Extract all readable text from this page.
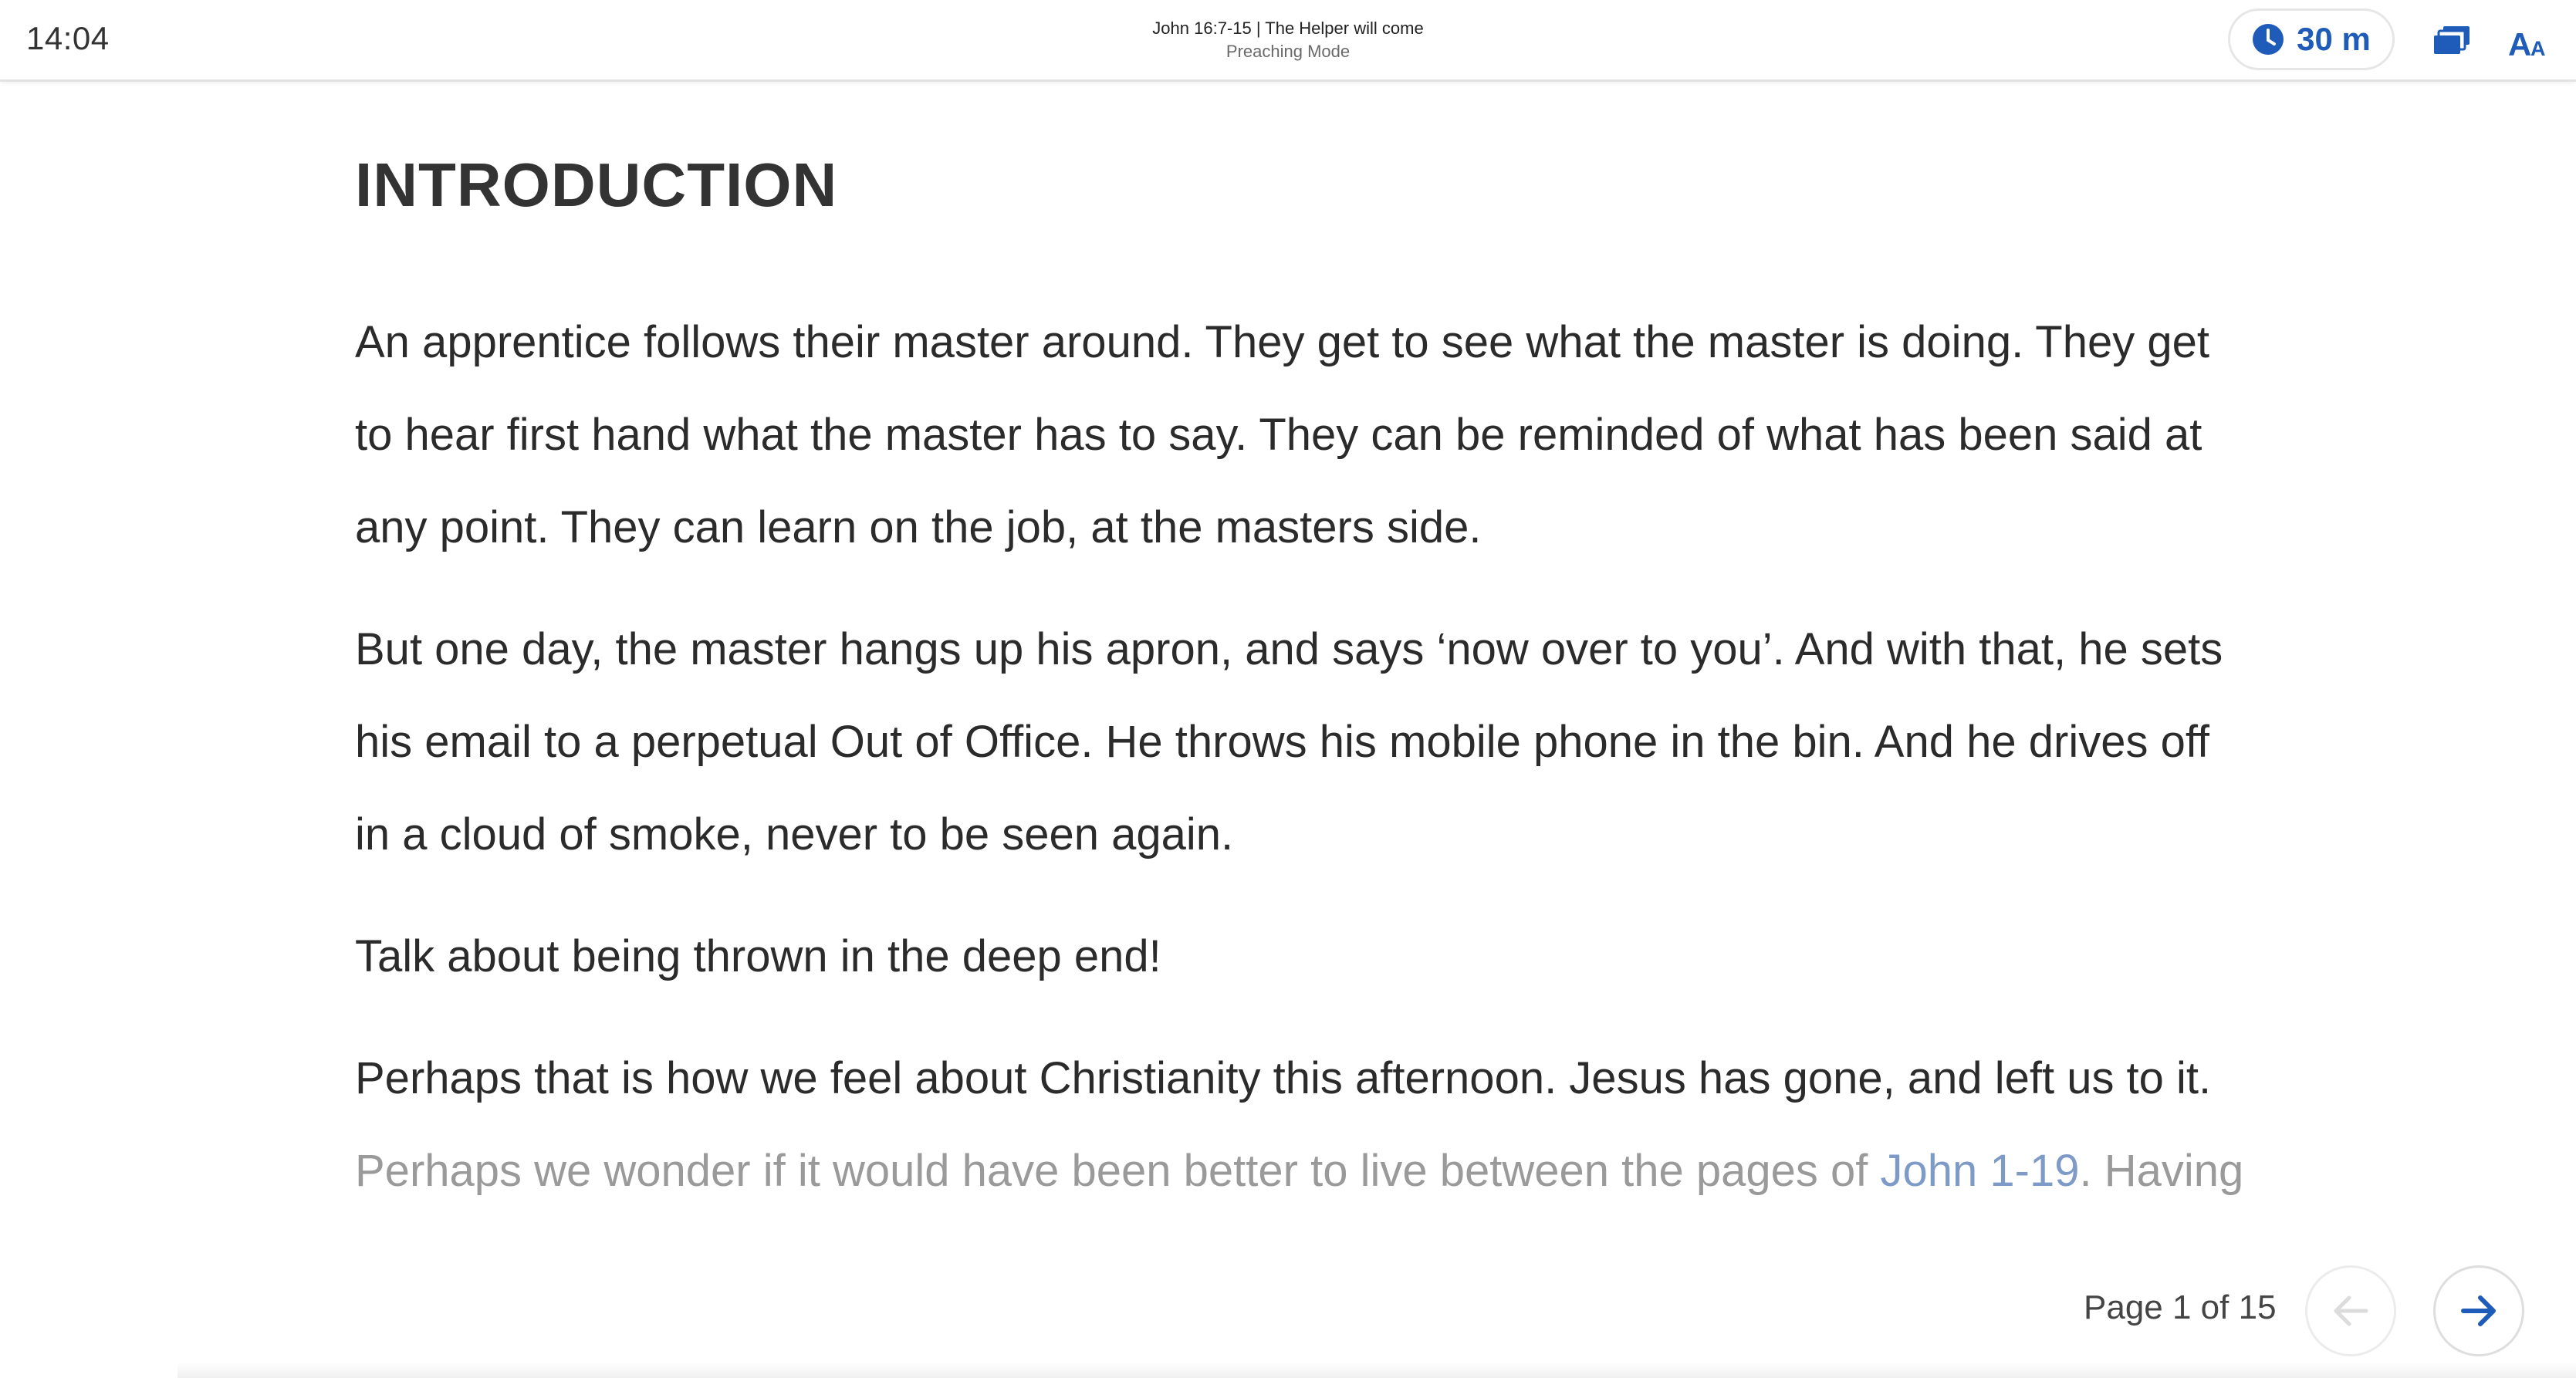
14:04	John 16:7-15 | The Helper will come
Preaching Mode	30 m	A
A
INTRODUCTION

An apprentice follows their master around. They get to see what the master is doing. They get to hear first hand what the master has to say. They can be reminded of what has been said at any point. They can learn on the job, at the masters side.

But one day, the master hangs up his apron, and says ‘now over to you’. And with that, he sets his email to a perpetual Out of Office. He throws his mobile phone in the bin. And he drives off in a cloud of smoke, never to be seen again.

Talk about being thrown in the deep end!

Perhaps that is how we feel about Christianity this afternoon. Jesus has gone, and left us to it.

Perhaps we wonder if it would have been better to live between the pages of John 1-19. Having

Page 1 of 15
